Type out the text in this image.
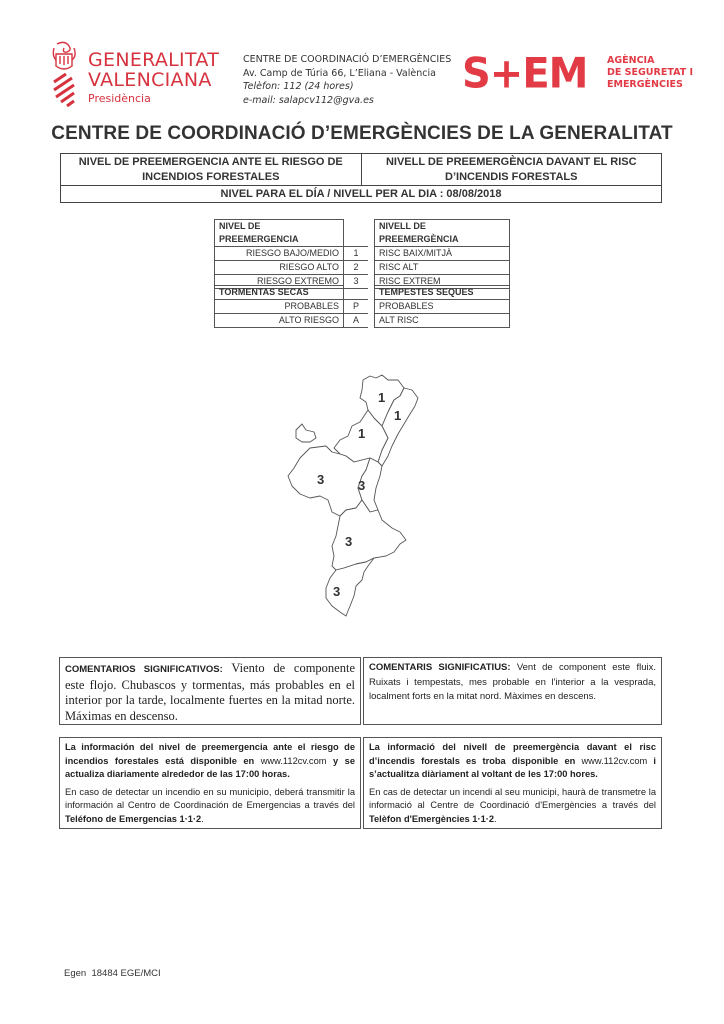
GENERALITAT
VALENCIANA
Presidència
CENTRE DE COORDINACIÓ D’EMERGÈNCIES
Av. Camp de Túria 66, L’Eliana - València
Telèfon: 112 (24 hores)
e-mail: salapcv112@gva.es
S+EM AGÈNCIA
DE SEGURETAT I
EMERGÈNCIES
CENTRE DE COORDINACIÓ D’EMERGÈNCIES DE LA GENERALITAT
NIVEL DE PREEMERGENCIA ANTE EL RIESGO DE
INCENDIOS FORESTALES

NIVELL DE PREEMERGÈNCIA DAVANT EL RISC
D’INCENDIS FORESTALS

NIVEL PARA EL DÍA / NIVELL PER AL DIA : 08/08/2018
NIVEL DE PREEMERGENCIA			NIVELL DE PREEMERGÈNCIA
RIESGO BAJO/MEDIO	1		RISC BAIX/MITJÀ
RIESGO ALTO	2		RISC ALT
RIESGO EXTREMO	3		RISC EXTREM
TORMENTAS SECAS			TEMPESTES SEQUES
PROBABLES	P		PROBABLES
ALTO RIESGO	A		ALT RISC
1
1
1
3	3
3
3
COMENTARIOS SIGNIFICATIVOS: Viento de componente este flojo. Chubascos y tormentas, más probables en el interior por la tarde, localmente fuertes en la mitad norte. Máximas en descenso.
COMENTARIS SIGNIFICATIUS: Vent de component este fluix. Ruixats i tempestats, mes probable en l'interior a la vesprada, localment forts en la mitat nord. Màximes en descens.

La información del nivel de preemergencia ante el riesgo de incendios forestales está disponible en www.112cv.com y se actualiza diariamente alrededor de las 17:00 horas.

En caso de detectar un incendio en su municipio, deberá transmitir la información al Centro de Coordinación de Emergencias a través del Teléfono de Emergencias 1·1·2.

La informació del nivell de preemergència davant el risc d’incendis forestals es troba disponible en www.112cv.com i s’actualitza diàriament al voltant de les 17:00 hores.

En cas de detectar un incendi al seu municipi, haurà de transmetre la informació al Centre de Coordinació d'Emergències a través del Telèfon d'Emergències 1·1·2.

Egen  18484 EGE/MCI
